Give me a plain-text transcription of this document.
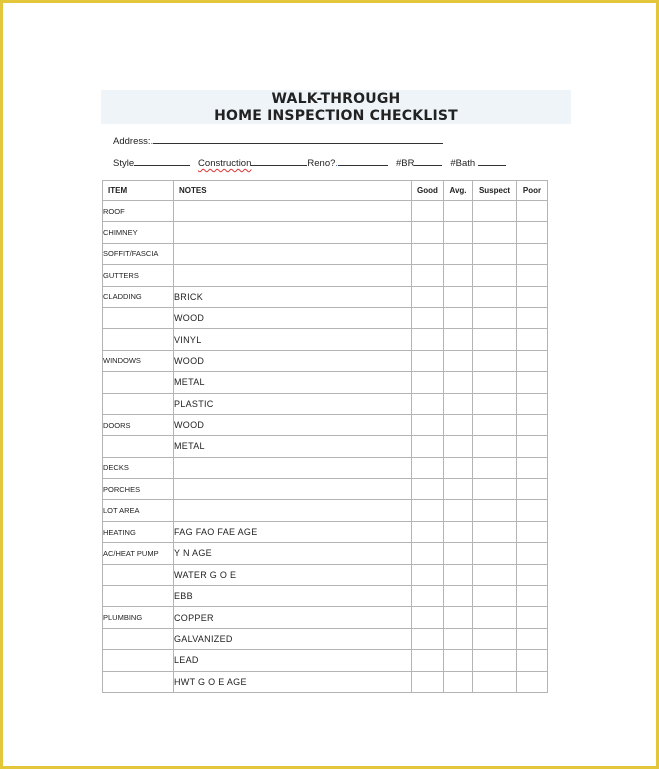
WALK-THROUGH
HOME INSPECTION CHECKLIST
Address:.
Style	Construction	Reno?.	#BR	#Bath
ITEM	NOTES	Good	Avg.	Suspect	Poor
ROOF					
CHIMNEY					
SOFFIT/FASCIA					
GUTTERS					
CLADDING	BRICK				
	WOOD				
	VINYL				
WINDOWS	WOOD				
	METAL				
	PLASTIC				
DOORS	WOOD				
	METAL				
DECKS					
PORCHES					
LOT AREA					
HEATING	FAG FAO FAE AGE				
AC/HEAT PUMP	Y N AGE				
	WATER G O E				
	EBB				
PLUMBING	COPPER				
	GALVANIZED				
	LEAD				
	HWT G O E AGE				
